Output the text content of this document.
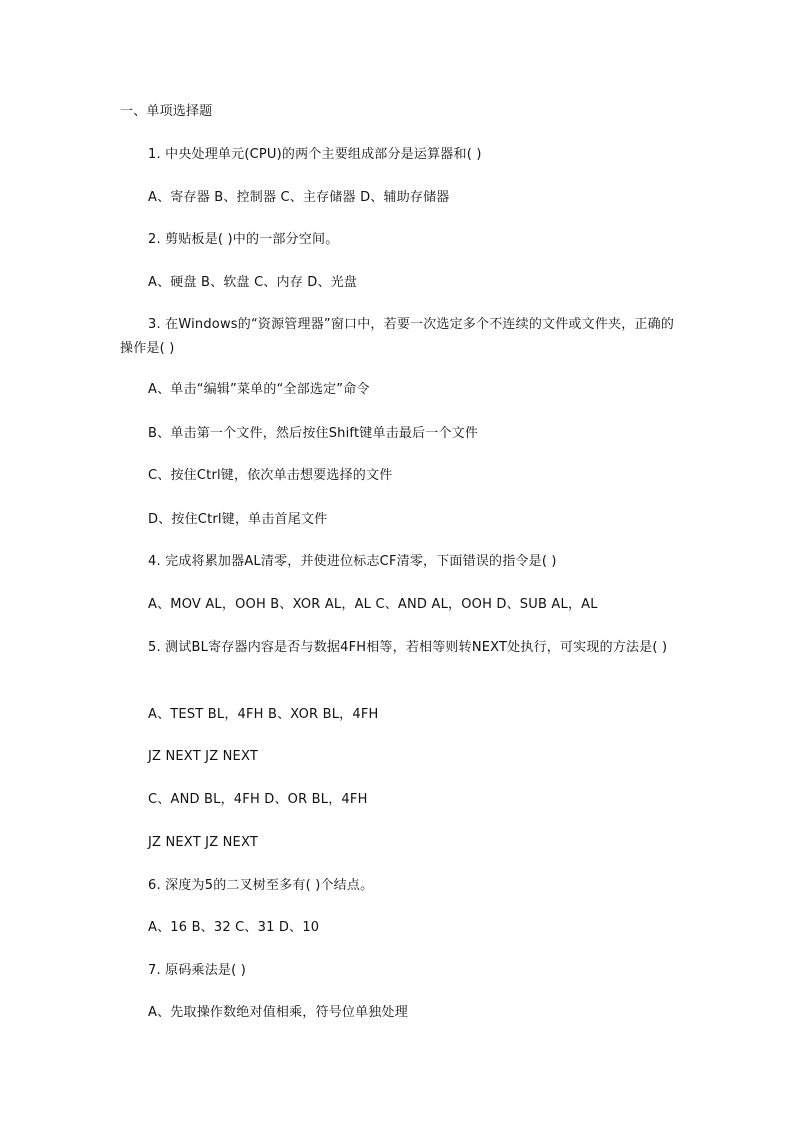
一、单项选择题
1. 中央处理单元(CPU)的两个主要组成部分是运算器和( )
A、寄存器 B、控制器 C、主存储器 D、辅助存储器
2. 剪贴板是( )中的一部分空间。
A、硬盘 B、软盘 C、内存 D、光盘
3. 在Windows的“资源管理器”窗口中，若要一次选定多个不连续的文件或文件夹，正确的操作是( )
A、单击“编辑”菜单的“全部选定”命令
B、单击第一个文件，然后按住Shift键单击最后一个文件
C、按住Ctrl键，依次单击想要选择的文件
D、按住Ctrl键，单击首尾文件
4. 完成将累加器AL清零，并使进位标志CF清零，下面错误的指令是( )
A、MOV AL，OOH B、XOR AL，AL C、AND AL，OOH D、SUB AL，AL
5. 测试BL寄存器内容是否与数据4FH相等，若相等则转NEXT处执行，可实现的方法是( )
A、TEST BL，4FH B、XOR BL，4FH
JZ NEXT JZ NEXT
C、AND BL，4FH D、OR BL，4FH
JZ NEXT JZ NEXT
6. 深度为5的二叉树至多有( )个结点。
A、16 B、32 C、31 D、10
7. 原码乘法是( )
A、先取操作数绝对值相乘，符号位单独处理
